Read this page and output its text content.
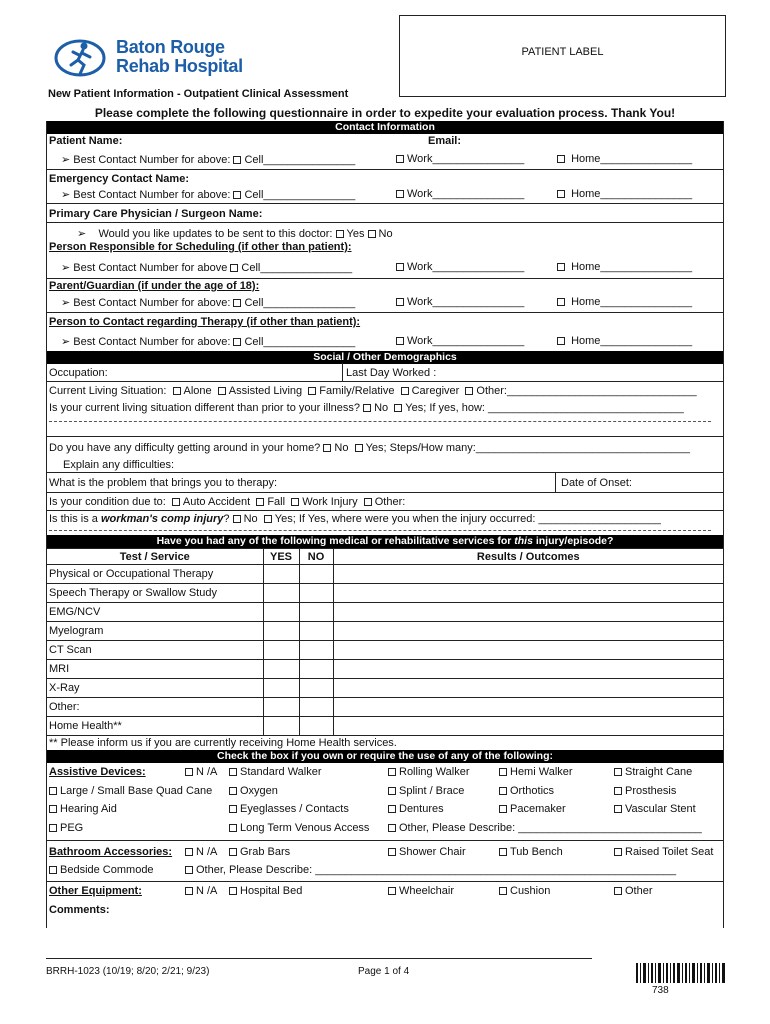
Baton Rouge
Rehab Hospital
PATIENT LABEL
New Patient Information - Outpatient Clinical Assessment
Please complete the following questionnaire in order to expedite your evaluation process. Thank You!
Contact Information
Patient Name:	Email:
➢ Best Contact Number for above: Cell_______________	Work_______________	Home_______________
Emergency Contact Name:
➢ Best Contact Number for above: Cell_______________	Work_______________	Home_______________
Primary Care Physician / Surgeon Name:
➢    Would you like updates to be sent to this doctor: Yes No
Person Responsible for Scheduling (if other than patient):
➢ Best Contact Number for above Cell_______________	Work_______________	Home_______________
Parent/Guardian (if under the age of 18):
➢ Best Contact Number for above: Cell_______________	Work_______________	Home_______________
Person to Contact regarding Therapy (if other than patient):
➢ Best Contact Number for above: Cell_______________	Work_______________	Home_______________
Social / Other Demographics
Occupation:	Last Day Worked :
Current Living Situation: Alone Assisted Living Family/Relative Caregiver Other:_______________________________
Is your current living situation different than prior to your illness? No Yes; If yes, how: ________________________________
Do you have any difficulty getting around in your home? No Yes; Steps/How many:___________________________________
Explain any difficulties:
What is the problem that brings you to therapy:	Date of Onset:
Is your condition due to: Auto Accident Fall Work Injury Other:
Is this is a workman's comp injury? No Yes; If Yes, where were you when the injury occurred: ____________________
Have you had any of the following medical or rehabilitative services for this injury/episode?
Test / Service	YES	NO	Results / Outcomes
Physical or Occupational Therapy			
Speech Therapy or Swallow Study			
EMG/NCV			
Myelogram			
CT Scan			
MRI			
X-Ray			
Other:			
Home Health**			
** Please inform us if you are currently receiving Home Health services.
Check the box if you own or require the use of any of the following:
Assistive Devices:	N /A	Standard Walker	Rolling Walker	Hemi Walker	Straight Cane
Large / Small Base Quad Cane	Oxygen	Splint / Brace	Orthotics	Prosthesis
Hearing Aid	Eyeglasses / Contacts	Dentures	Pacemaker	Vascular Stent
PEG	Long Term Venous Access	Other, Please Describe: ______________________________
Bathroom Accessories:	N /A	Grab Bars	Shower Chair	Tub Bench	Raised Toilet Seat
Bedside Commode	Other, Please Describe: ___________________________________________________________
Other Equipment:	N /A	Hospital Bed	Wheelchair	Cushion	Other
Comments:
BRRH-1023 (10/19; 8/20; 2/21; 9/23)	Page 1 of 4
738
